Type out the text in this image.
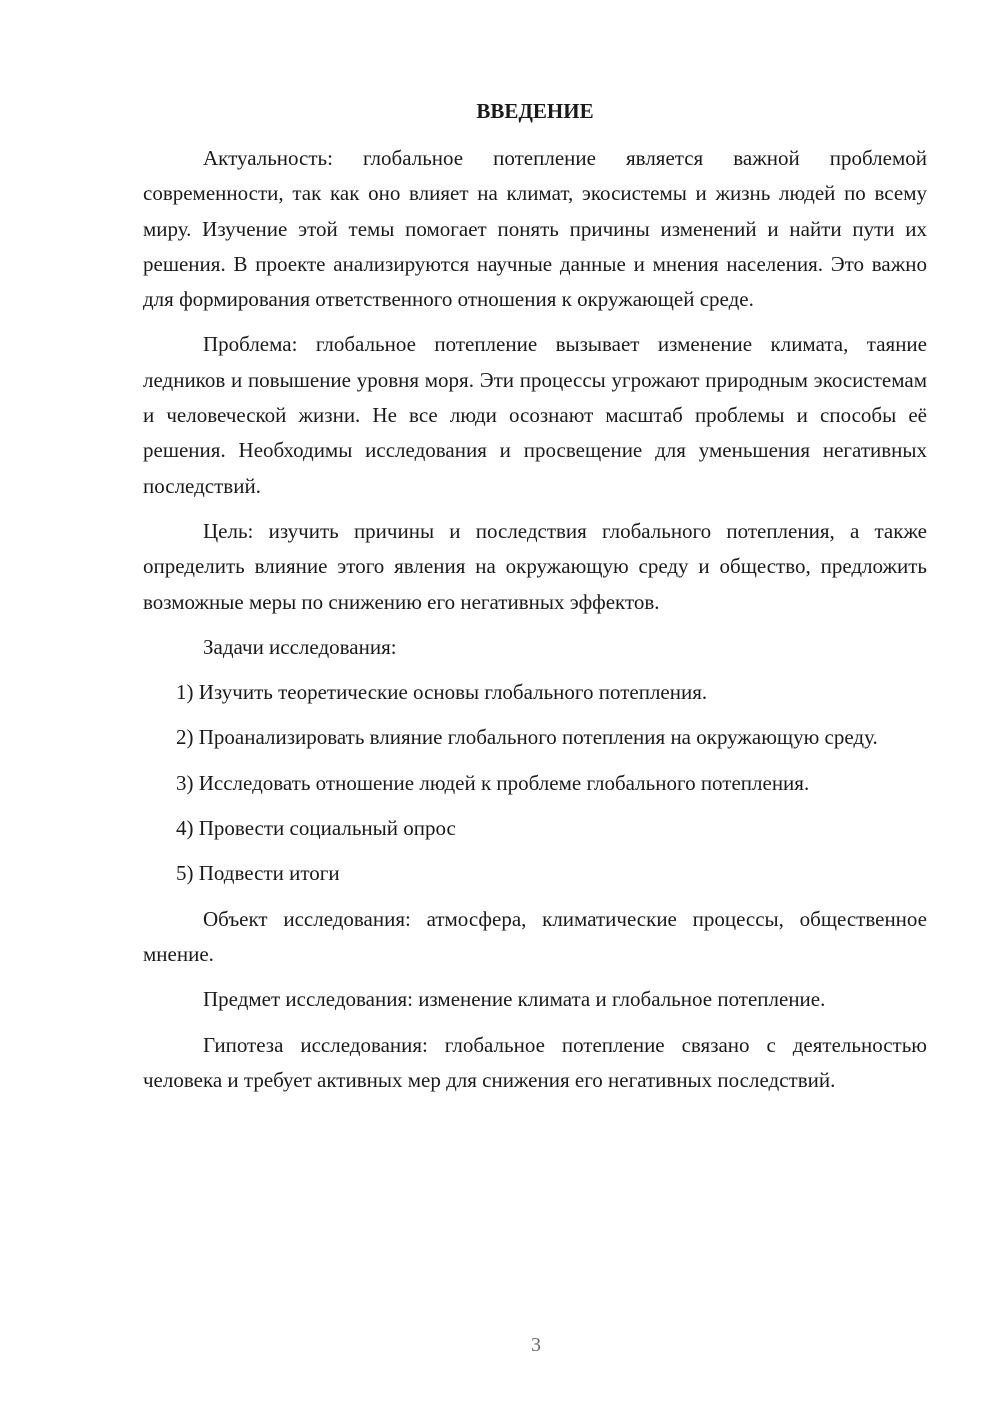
ВВЕДЕНИЕ

Актуальность: глобальное потепление является важной проблемой современности, так как оно влияет на климат, экосистемы и жизнь людей по всему миру. Изучение этой темы помогает понять причины изменений и найти пути их решения. В проекте анализируются научные данные и мнения населения. Это важно для формирования ответственного отношения к окружающей среде.

Проблема: глобальное потепление вызывает изменение климата, таяние ледников и повышение уровня моря. Эти процессы угрожают природным экосистемам и человеческой жизни. Не все люди осознают масштаб проблемы и способы её решения. Необходимы исследования и просвещение для уменьшения негативных последствий.

Цель: изучить причины и последствия глобального потепления, а также определить влияние этого явления на окружающую среду и общество, предложить возможные меры по снижению его негативных эффектов.

Задачи исследования:

1) Изучить теоретические основы глобального потепления.

2) Проанализировать влияние глобального потепления на окружающую среду.

3) Исследовать отношение людей к проблеме глобального потепления.

4) Провести социальный опрос

5) Подвести итоги

Объект исследования: атмосфера, климатические процессы, общественное мнение.

Предмет исследования: изменение климата и глобальное потепление.

Гипотеза исследования: глобальное потепление связано с деятельностью человека и требует активных мер для снижения его негативных последствий.

3
